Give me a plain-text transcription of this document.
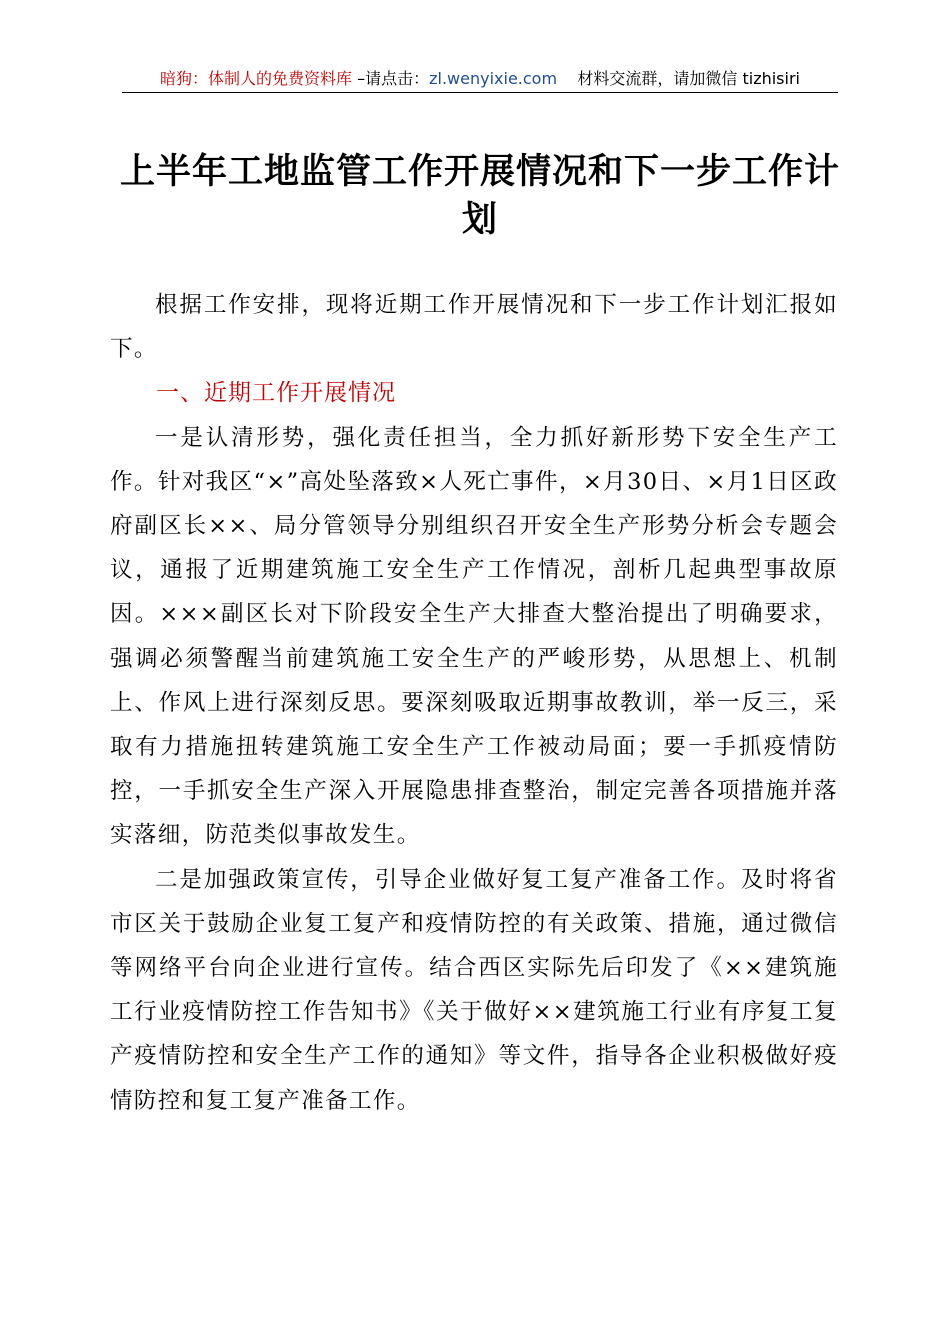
暗狗：体制人的免费资料库 –请点击：zl.wenyixie.com 材料交流群，请加微信 tizhisiri
上半年工地监管工作开展情况和下一步工作计划

根据工作安排，现将近期工作开展情况和下一步工作计划汇报如下。

一、近期工作开展情况

一是认清形势，强化责任担当，全力抓好新形势下安全生产工作。针对我区“×”高处坠落致×人死亡事件，×月30日、×月1日区政府副区长××、局分管领导分别组织召开安全生产形势分析会专题会议，通报了近期建筑施工安全生产工作情况，剖析几起典型事故原因。×××副区长对下阶段安全生产大排查大整治提出了明确要求，强调必须警醒当前建筑施工安全生产的严峻形势，从思想上、机制上、作风上进行深刻反思。要深刻吸取近期事故教训，举一反三，采取有力措施扭转建筑施工安全生产工作被动局面；要一手抓疫情防控，一手抓安全生产深入开展隐患排查整治，制定完善各项措施并落实落细，防范类似事故发生。

二是加强政策宣传，引导企业做好复工复产准备工作。及时将省市区关于鼓励企业复工复产和疫情防控的有关政策、措施，通过微信等网络平台向企业进行宣传。结合西区实际先后印发了《××建筑施工行业疫情防控工作告知书》《关于做好××建筑施工行业有序复工复产疫情防控和安全生产工作的通知》等文件，指导各企业积极做好疫情防控和复工复产准备工作。
